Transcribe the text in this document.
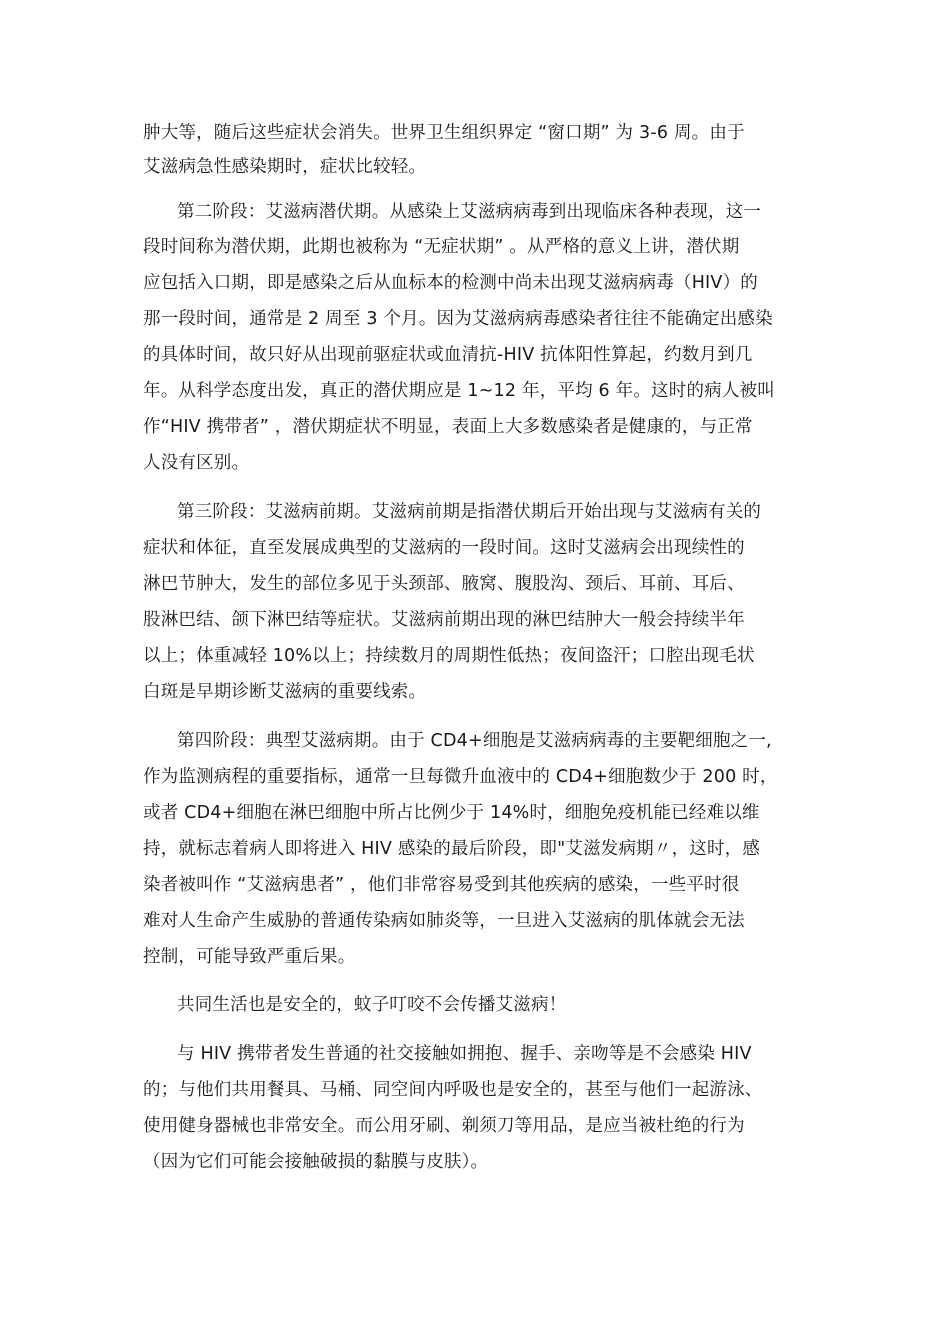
肿大等，随后这些症状会消失。世界卫生组织界定 “窗口期” 为 3-6 周。由于
艾滋病急性感染期时，症状比较轻。
第二阶段：艾滋病潜伏期。从感染上艾滋病病毒到出现临床各种表现，这一
段时间称为潜伏期，此期也被称为 “无症状期” 。从严格的意义上讲，潜伏期
应包括入口期，即是感染之后从血标本的检测中尚未出现艾滋病病毒（HIV）的
那一段时间，通常是 2 周至 3 个月。因为艾滋病病毒感染者往往不能确定出感染
的具体时间，故只好从出现前驱症状或血清抗-HIV 抗体阳性算起，约数月到几
年。从科学态度出发，真正的潜伏期应是 1~12 年，平均 6 年。这时的病人被叫
作“HIV 携带者” ，潜伏期症状不明显，表面上大多数感染者是健康的，与正常
人没有区别。
第三阶段：艾滋病前期。艾滋病前期是指潜伏期后开始出现与艾滋病有关的
症状和体征，直至发展成典型的艾滋病的一段时间。这时艾滋病会出现续性的
淋巴节肿大，发生的部位多见于头颈部、腋窝、腹股沟、颈后、耳前、耳后、
股淋巴结、颌下淋巴结等症状。艾滋病前期出现的淋巴结肿大一般会持续半年
以上；体重减轻 10%以上；持续数月的周期性低热；夜间盗汗；口腔出现毛状
白斑是早期诊断艾滋病的重要线索。
第四阶段：典型艾滋病期。由于 CD4+细胞是艾滋病病毒的主要靶细胞之一,
作为监测病程的重要指标，通常一旦每微升血液中的 CD4+细胞数少于 200 时，
或者 CD4+细胞在淋巴细胞中所占比例少于 14%时，细胞免疫机能已经难以维
持，就标志着病人即将进入 HIV 感染的最后阶段，即"艾滋发病期〃，这时，感
染者被叫作 “艾滋病患者” ，他们非常容易受到其他疾病的感染，一些平时很
难对人生命产生威胁的普通传染病如肺炎等，一旦进入艾滋病的肌体就会无法
控制，可能导致严重后果。
共同生活也是安全的，蚊子叮咬不会传播艾滋病！
与 HIV 携带者发生普通的社交接触如拥抱、握手、亲吻等是不会感染 HIV
的；与他们共用餐具、马桶、同空间内呼吸也是安全的，甚至与他们一起游泳、
使用健身器械也非常安全。而公用牙刷、剃须刀等用品，是应当被杜绝的行为
（因为它们可能会接触破损的黏膜与皮肤）。
